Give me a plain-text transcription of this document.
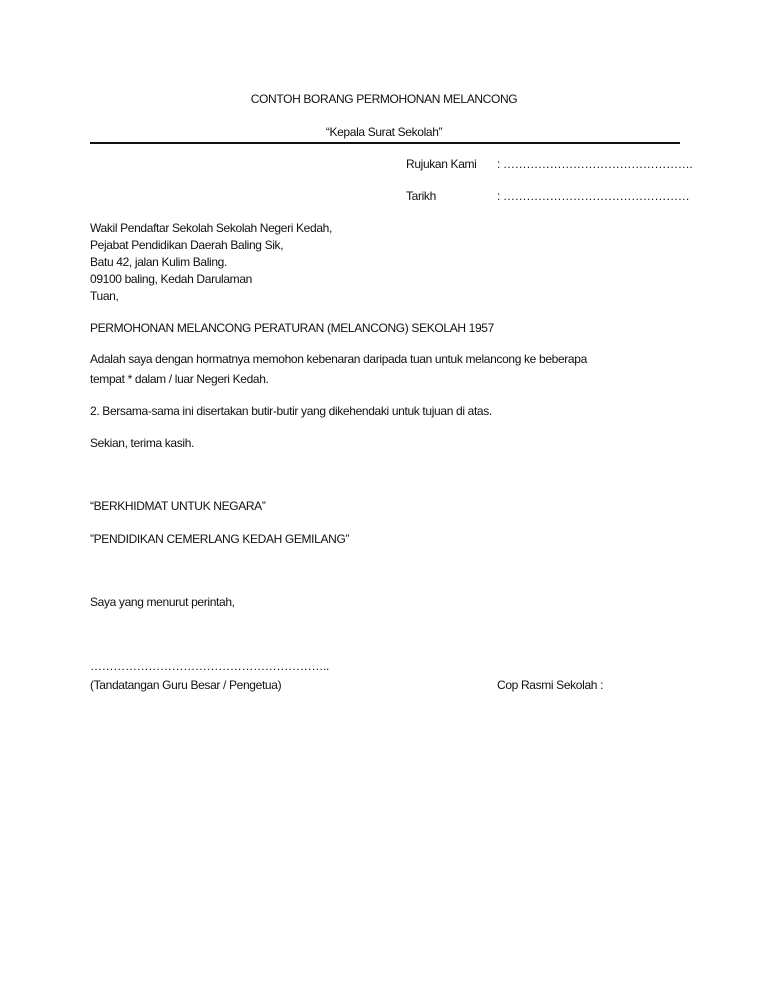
CONTOH BORANG PERMOHONAN MELANCONG
“Kepala Surat Sekolah”
Rujukan Kami : ………………………………………….
Tarikh	: …………………………………………
Wakil Pendaftar Sekolah Sekolah Negeri Kedah,
Pejabat Pendidikan Daerah Baling Sik,
Batu 42, jalan Kulim Baling.
09100 baling, Kedah Darulaman
Tuan,
PERMOHONAN MELANCONG PERATURAN (MELANCONG) SEKOLAH 1957
Adalah saya dengan hormatnya memohon kebenaran daripada tuan untuk melancong ke beberapa
tempat * dalam / luar Negeri Kedah.
2. Bersama-sama ini disertakan butir-butir yang dikehendaki untuk tujuan di atas.
Sekian, terima kasih.
“BERKHIDMAT UNTUK NEGARA”
”PENDIDIKAN CEMERLANG KEDAH GEMILANG”
Saya yang menurut perintah,
……………………………………………………..
(Tandatangan Guru Besar / Pengetua)	Cop Rasmi Sekolah :
